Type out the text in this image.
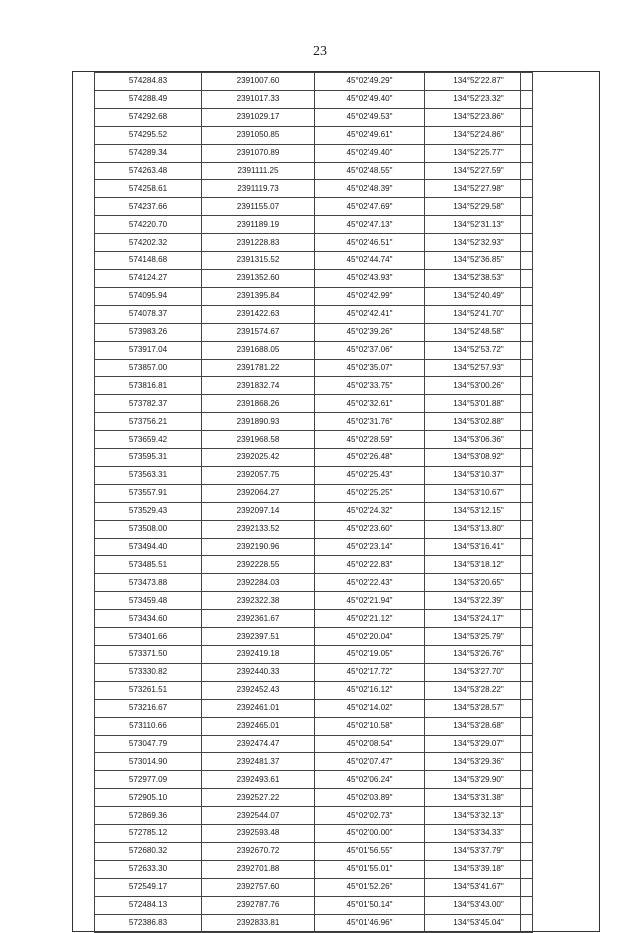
23
574284.83	2391007.60	45°02'49.29"	134°52'22.87"
574288.49	2391017.33	45°02'49.40"	134°52'23.32"
574292.68	2391029.17	45°02'49.53"	134°52'23.86"
574295.52	2391050.85	45°02'49.61"	134°52'24.86"
574289.34	2391070.89	45°02'49.40"	134°52'25.77"
574263.48	2391111.25	45°02'48.55"	134°52'27.59"
574258.61	2391119.73	45°02'48.39"	134°52'27.98"
574237.66	2391155.07	45°02'47.69"	134°52'29.58"
574220.70	2391189.19	45°02'47.13"	134°52'31.13"
574202.32	2391228.83	45°02'46.51"	134°52'32.93"
574148.68	2391315.52	45°02'44.74"	134°52'36.85"
574124.27	2391352.60	45°02'43.93"	134°52'38.53"
574095.94	2391395.84	45°02'42.99"	134°52'40.49"
574078.37	2391422.63	45°02'42.41"	134°52'41.70"
573983.26	2391574.67	45°02'39.26"	134°52'48.58"
573917.04	2391688.05	45°02'37.06"	134°52'53.72"
573857.00	2391781.22	45°02'35.07"	134°52'57.93"
573816.81	2391832.74	45°02'33.75"	134°53'00.26"
573782.37	2391868.26	45°02'32.61"	134°53'01.88"
573756.21	2391890.93	45°02'31.76"	134°53'02.88"
573659.42	2391968.58	45°02'28.59"	134°53'06.36"
573595.31	2392025.42	45°02'26.48"	134°53'08.92"
573563.31	2392057.75	45°02'25.43"	134°53'10.37"
573557.91	2392064.27	45°02'25.25"	134°53'10.67"
573529.43	2392097.14	45°02'24.32"	134°53'12.15"
573508.00	2392133.52	45°02'23.60"	134°53'13.80"
573494.40	2392190.96	45°02'23.14"	134°53'16.41"
573485.51	2392228.55	45°02'22.83"	134°53'18.12"
573473.88	2392284.03	45°02'22.43"	134°53'20.65"
573459.48	2392322.38	45°02'21.94"	134°53'22.39"
573434.60	2392361.67	45°02'21.12"	134°53'24.17"
573401.66	2392397.51	45°02'20.04"	134°53'25.79"
573371.50	2392419.18	45°02'19.05"	134°53'26.76"
573330.82	2392440.33	45°02'17.72"	134°53'27.70"
573261.51	2392452.43	45°02'16.12"	134°53'28.22"
573216.67	2392461.01	45°02'14.02"	134°53'28.57"
573110.66	2392465.01	45°02'10.58"	134°53'28.68"
573047.79	2392474.47	45°02'08.54"	134°53'29.07"
573014.90	2392481.37	45°02'07.47"	134°53'29.36"
572977.09	2392493.61	45°02'06.24"	134°53'29.90"
572905.10	2392527.22	45°02'03.89"	134°53'31.38"
572869.36	2392544.07	45°02'02.73"	134°53'32.13"
572785.12	2392593.48	45°02'00.00"	134°53'34.33"
572680.32	2392670.72	45°01'56.55"	134°53'37.79"
572633.30	2392701.88	45°01'55.01"	134°53'39.18"
572549.17	2392757.60	45°01'52.26"	134°53'41.67"
572484.13	2392787.76	45°01'50.14"	134°53'43.00"
572386.83	2392833.81	45°01'46.96"	134°53'45.04"
